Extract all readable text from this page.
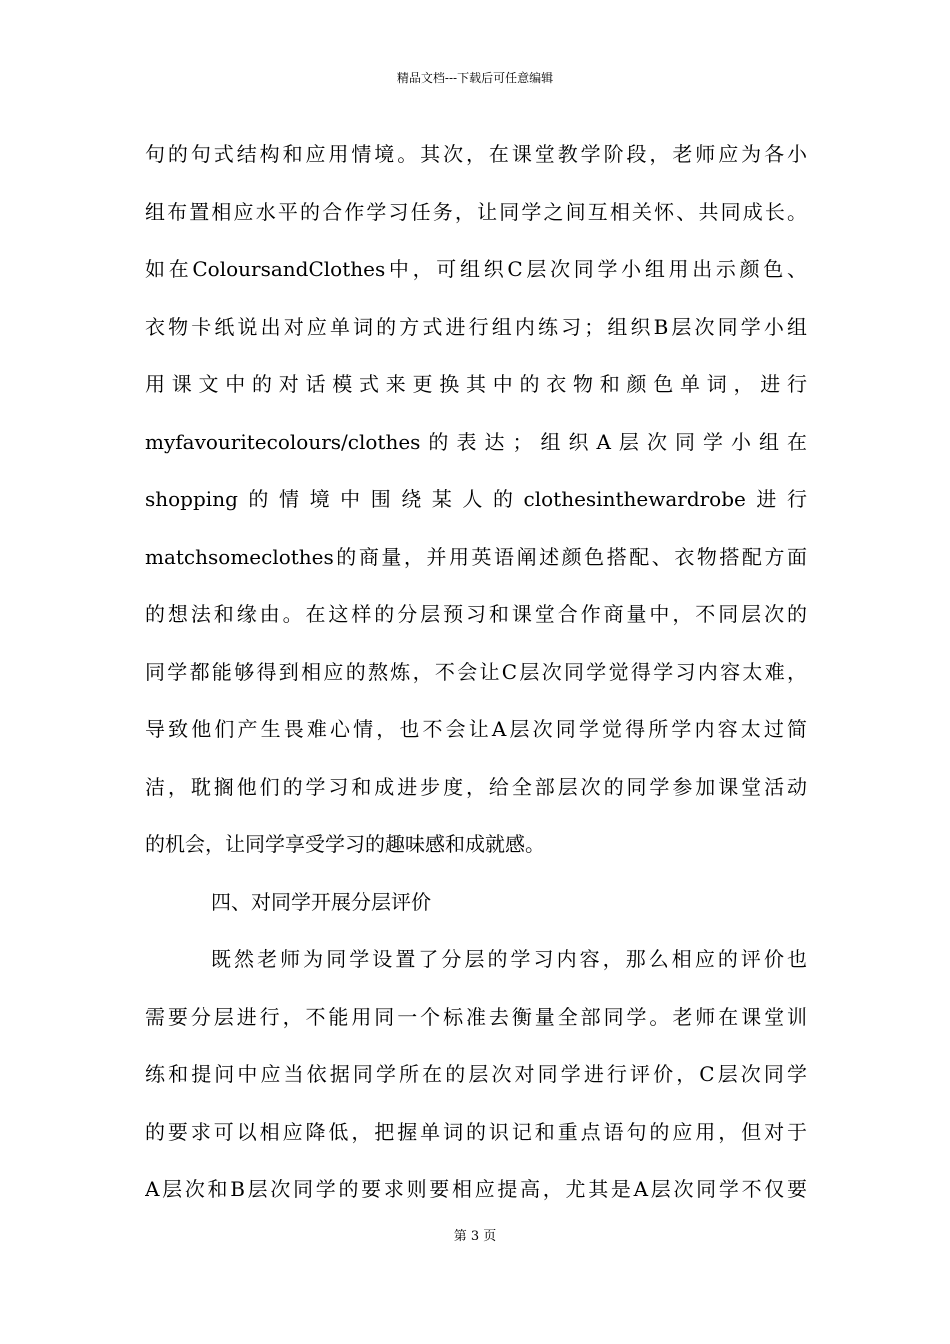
精品文档---下载后可任意编辑
句的句式结构和应用情境。其次，在课堂教学阶段，老师应为各小
组布置相应水平的合作学习任务，让同学之间互相关怀、共同成长。
如在ColoursandClothes中，可组织C层次同学小组用出示颜色、
衣物卡纸说出对应单词的方式进行组内练习；组织B层次同学小组
用课文中的对话模式来更换其中的衣物和颜色单词，进行
myfavouritecolours/clothes的表达；组织A层次同学小组在
shopping的情境中围绕某人的clothesinthewardrobe进行
matchsomeclothes的商量，并用英语阐述颜色搭配、衣物搭配方面
的想法和缘由。在这样的分层预习和课堂合作商量中，不同层次的
同学都能够得到相应的熬炼，不会让C层次同学觉得学习内容太难，
导致他们产生畏难心情，也不会让A层次同学觉得所学内容太过简
洁，耽搁他们的学习和成进步度，给全部层次的同学参加课堂活动
的机会，让同学享受学习的趣味感和成就感。
四、对同学开展分层评价
既然老师为同学设置了分层的学习内容，那么相应的评价也
需要分层进行，不能用同一个标准去衡量全部同学。老师在课堂训
练和提问中应当依据同学所在的层次对同学进行评价，C层次同学
的要求可以相应降低，把握单词的识记和重点语句的应用，但对于
A层次和B层次同学的要求则要相应提高，尤其是A层次同学不仅要
第 3 页
